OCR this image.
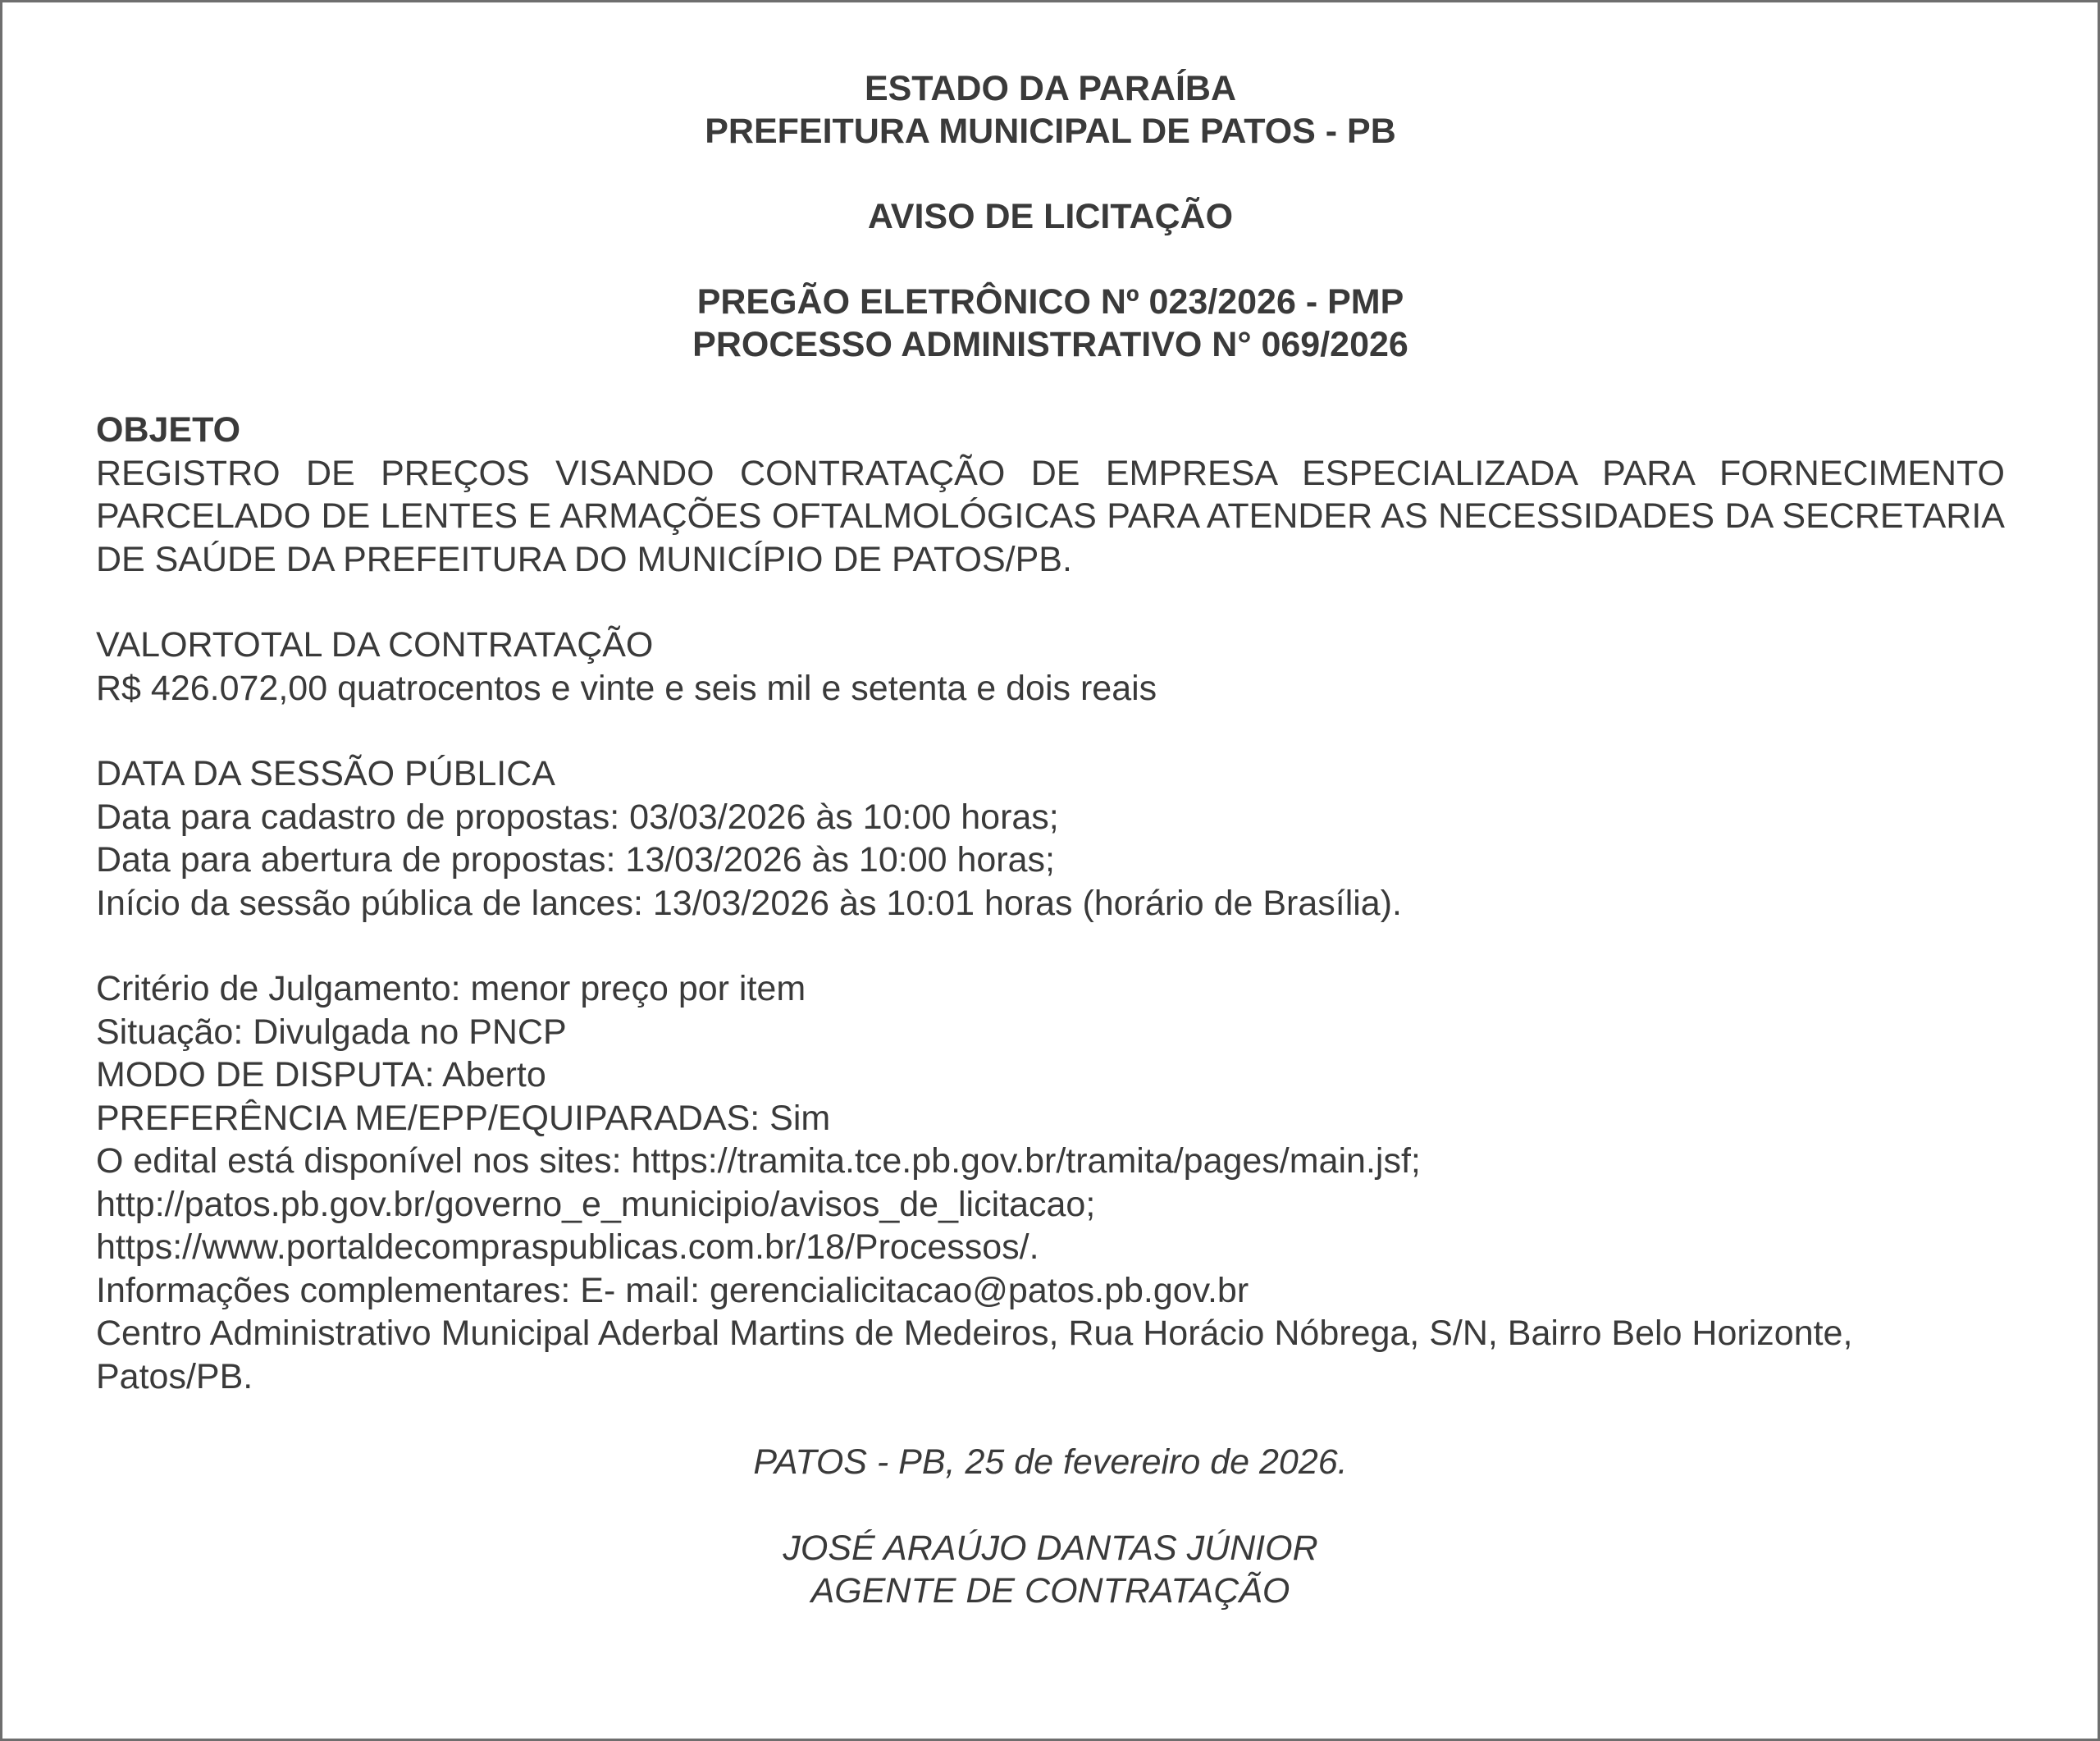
ESTADO DA PARAÍBA
PREFEITURA MUNICIPAL DE PATOS - PB
AVISO DE LICITAÇÃO
PREGÃO ELETRÔNICO Nº 023/2026 - PMP
PROCESSO ADMINISTRATIVO N° 069/2026
OBJETO
REGISTRO DE PREÇOS VISANDO CONTRATAÇÃO DE EMPRESA ESPECIALIZADA PARA FORNECIMENTO PARCELADO DE LENTES E ARMAÇÕES OFTALMOLÓGICAS PARA ATENDER AS NECESSIDADES DA SECRETARIA DE SAÚDE DA PREFEITURA DO MUNICÍPIO DE PATOS/PB.
VALORTOTAL DA CONTRATAÇÃO
R$ 426.072,00 quatrocentos e vinte e seis mil e setenta e dois reais
DATA DA SESSÃO PÚBLICA
Data para cadastro de propostas: 03/03/2026 às 10:00 horas;
Data para abertura de propostas: 13/03/2026 às 10:00 horas;
Início da sessão pública de lances: 13/03/2026 às 10:01 horas (horário de Brasília).
Critério de Julgamento: menor preço por item
Situação: Divulgada no PNCP
MODO DE DISPUTA: Aberto
PREFERÊNCIA ME/EPP/EQUIPARADAS: Sim
O edital está disponível nos sites: https://tramita.tce.pb.gov.br/tramita/pages/main.jsf;
http://patos.pb.gov.br/governo_e_municipio/avisos_de_licitacao;
https://www.portaldecompraspublicas.com.br/18/Processos/.
Informações complementares: E- mail: gerencialicitacao@patos.pb.gov.br
Centro Administrativo Municipal Aderbal Martins de Medeiros, Rua Horácio Nóbrega, S/N, Bairro Belo Horizonte, Patos/PB.
PATOS - PB, 25 de fevereiro de 2026.
JOSÉ ARAÚJO DANTAS JÚNIOR
AGENTE DE CONTRATAÇÃO
